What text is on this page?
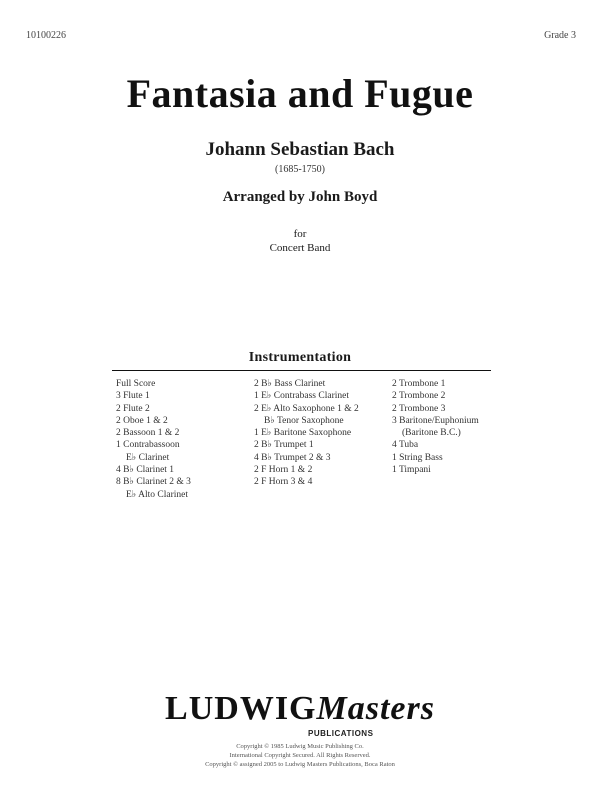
10100226	Grade 3
Fantasia and Fugue
Johann Sebastian Bach
(1685-1750)
Arranged by John Boyd
for
Concert Band
Instrumentation
Full Score
3 Flute 1
2 Flute 2
2 Oboe 1 & 2
2 Bassoon 1 & 2
1 Contrabassoon
E♭ Clarinet
4 B♭ Clarinet 1
8 B♭ Clarinet 2 & 3
E♭ Alto Clarinet
2 B♭ Bass Clarinet
1 E♭ Contrabass Clarinet
2 E♭ Alto Saxophone 1 & 2
B♭ Tenor Saxophone
1 E♭ Baritone Saxophone
2 B♭ Trumpet 1
4 B♭ Trumpet 2 & 3
2 F Horn 1 & 2
2 F Horn 3 & 4
2 Trombone 1
2 Trombone 2
2 Trombone 3
3 Baritone/Euphonium
(Baritone B.C.)
4 Tuba
1 String Bass
1 Timpani
LUDWIGMasters
PUBLICATIONS
Copyright © 1985 Ludwig Music Publishing Co.
International Copyright Secured. All Rights Reserved.
Copyright © assigned 2005 to Ludwig Masters Publications, Boca Raton
